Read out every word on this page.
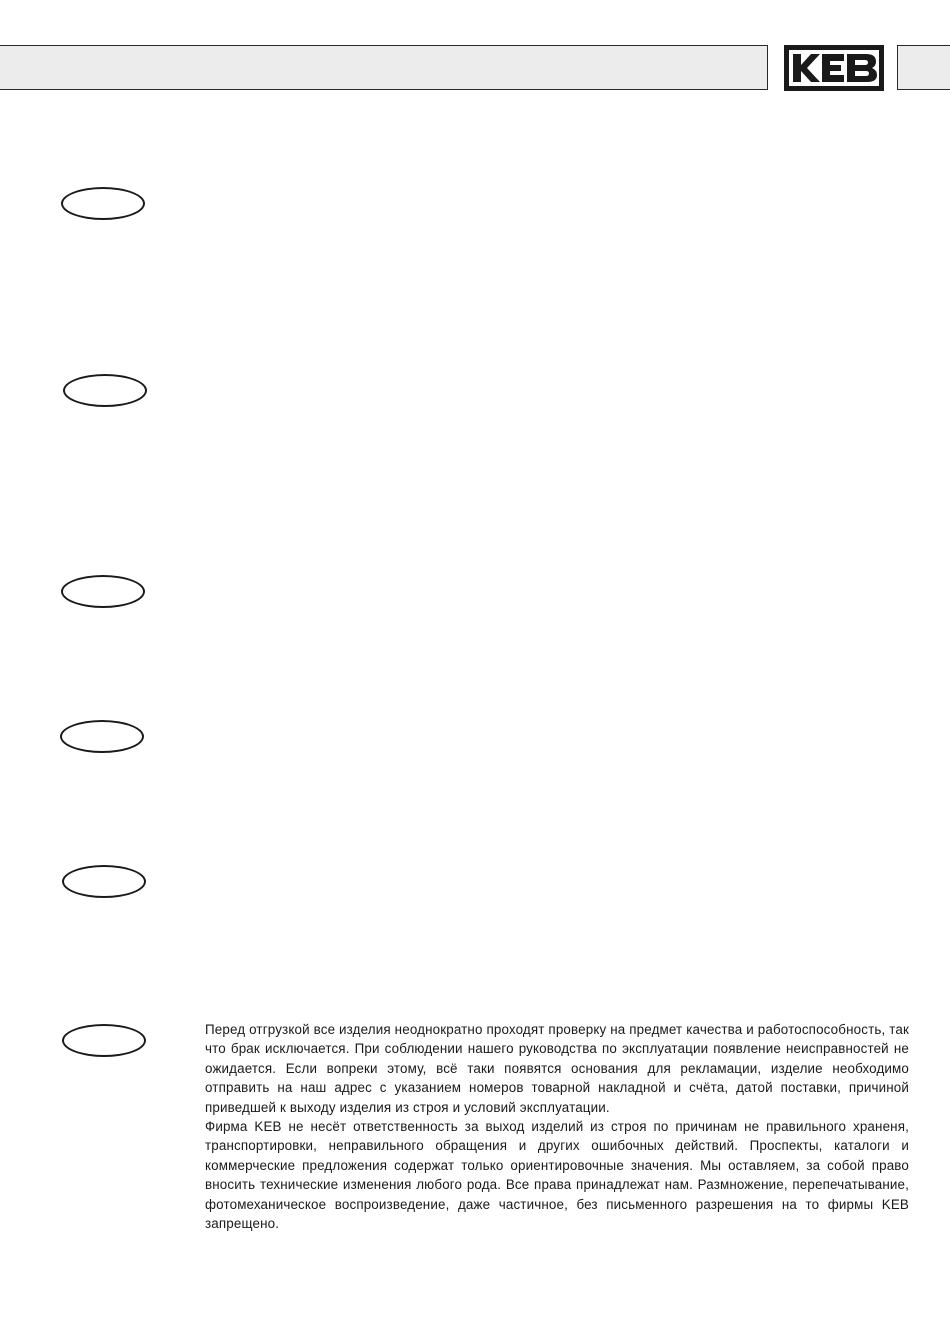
Перед отгрузкой все изделия неоднократно проходят проверку на предмет качества и работоспособность, так что брак исключается. При соблюдении нашего руководства по эксплуатации появление неисправностей не ожидается. Если вопреки этому, всё таки появятся основания для рекламации, изделие необходимо отправить на наш адрес с указанием номеров товарной накладной и счёта, датой поставки, причиной приведшей к выходу изделия из строя и условий эксплуатации.

Фирма KEB не несёт ответственность за выход изделий из строя по причинам не правильного храненя, транспортировки, неправильного обращения и других ошибочных действий. Проспекты, каталоги и коммерческие предложения содержат только ориентировочные значения. Мы оставляем, за собой право вносить технические изменения любого рода. Все права принадлежат нам. Размножение, перепечатывание, фотомеханическое воспроизведение, даже частичное, без письменного разрешения на то фирмы KEB запрещено.
